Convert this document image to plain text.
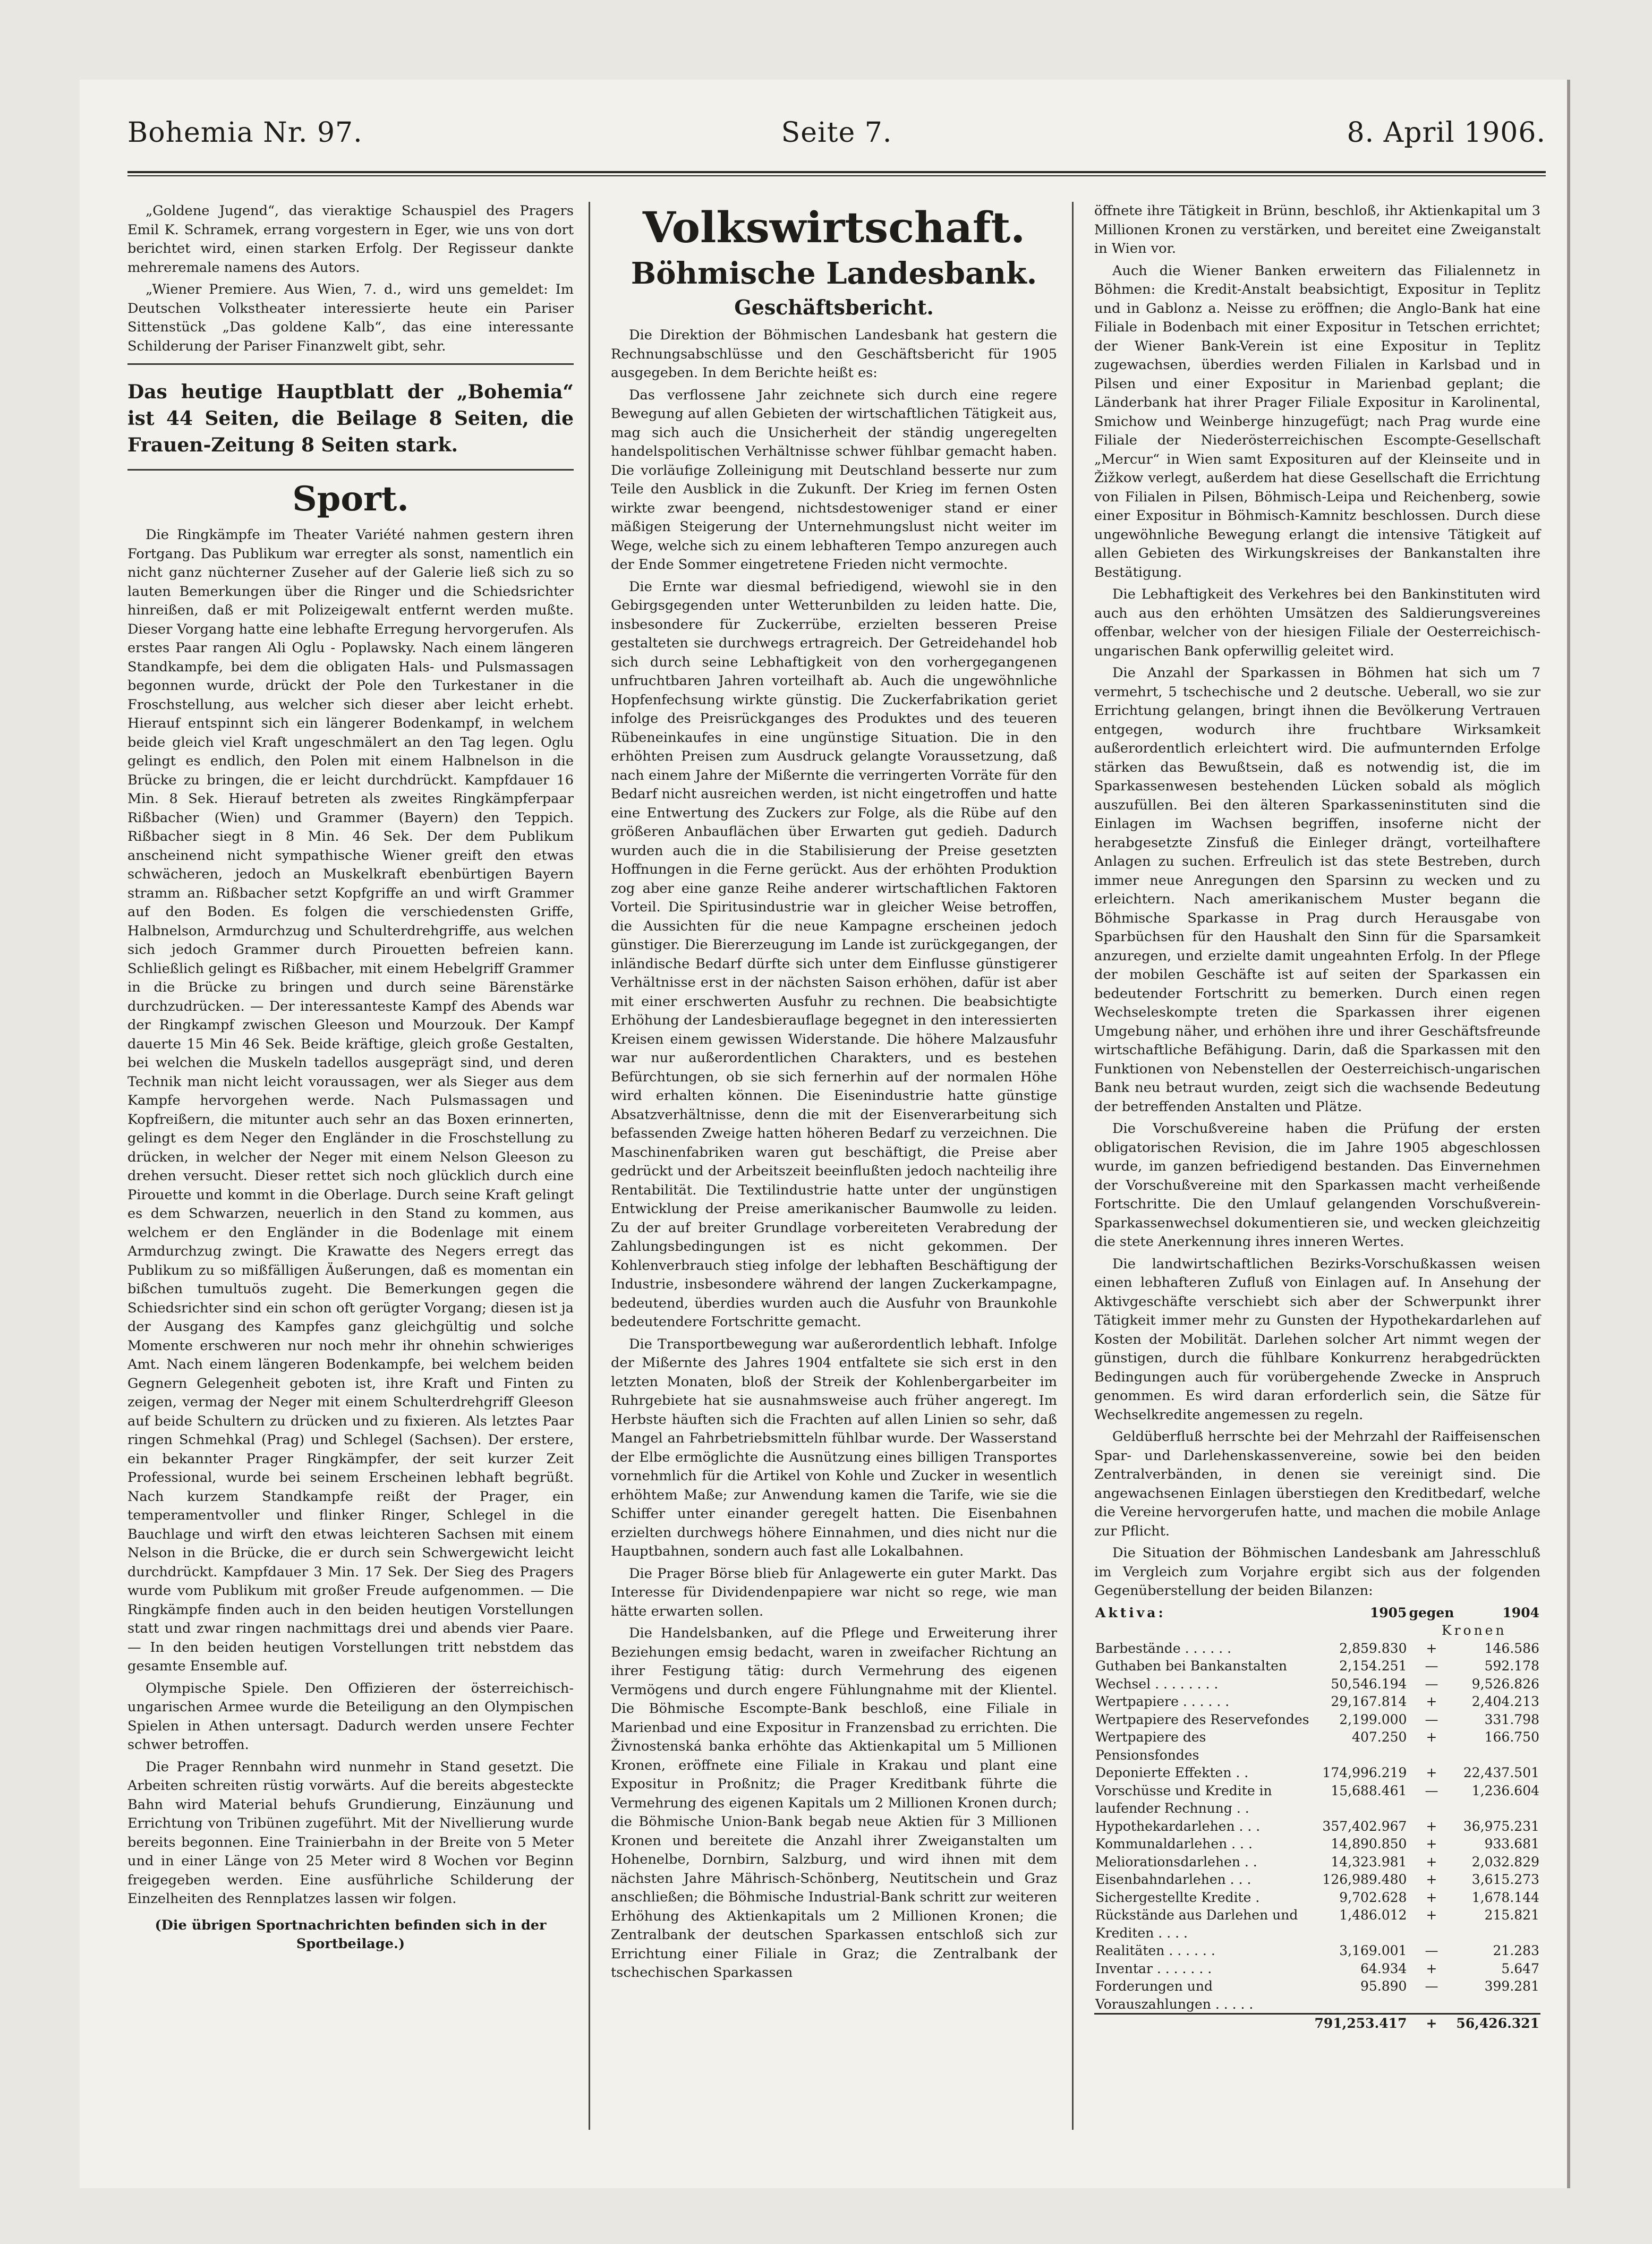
Bohemia Nr. 97.	Seite 7.	8. April 1906.

„Goldene Jugend“, das vieraktige Schauspiel des Pragers Emil K. Schramek, errang vorgestern in Eger, wie uns von dort berichtet wird, einen starken Erfolg. Der Regisseur dankte mehreremale namens des Autors.

„Wiener Premiere. Aus Wien, 7. d., wird uns gemeldet: Im Deutschen Volkstheater interessierte heute ein Pariser Sittenstück „Das goldene Kalb“, das eine interessante Schilderung der Pariser Finanzwelt gibt, sehr.

Das heutige Hauptblatt der „Bohemia“ ist 44 Seiten, die Beilage 8 Seiten, die Frauen-Zeitung 8 Seiten stark.
Sport.

Die Ringkämpfe im Theater Variété nahmen gestern ihren Fortgang. Das Publikum war erregter als sonst, namentlich ein nicht ganz nüchterner Zuseher auf der Galerie ließ sich zu so lauten Bemerkungen über die Ringer und die Schiedsrichter hinreißen, daß er mit Polizeigewalt entfernt werden mußte. Dieser Vorgang hatte eine lebhafte Erregung hervorgerufen. Als erstes Paar rangen Ali Oglu - Poplawsky. Nach einem längeren Standkampfe, bei dem die obligaten Hals- und Pulsmassagen begonnen wurde, drückt der Pole den Turkestaner in die Froschstellung, aus welcher sich dieser aber leicht erhebt. Hierauf entspinnt sich ein längerer Bodenkampf, in welchem beide gleich viel Kraft ungeschmälert an den Tag legen. Oglu gelingt es endlich, den Polen mit einem Halbnelson in die Brücke zu bringen, die er leicht durchdrückt. Kampfdauer 16 Min. 8 Sek. Hierauf betreten als zweites Ringkämpferpaar Rißbacher (Wien) und Grammer (Bayern) den Teppich. Rißbacher siegt in 8 Min. 46 Sek. Der dem Publikum anscheinend nicht sympathische Wiener greift den etwas schwächeren, jedoch an Muskelkraft ebenbürtigen Bayern stramm an. Rißbacher setzt Kopfgriffe an und wirft Grammer auf den Boden. Es folgen die verschiedensten Griffe, Halbnelson, Armdurchzug und Schulterdrehgriffe, aus welchen sich jedoch Grammer durch Pirouetten befreien kann. Schließlich gelingt es Rißbacher, mit einem Hebelgriff Grammer in die Brücke zu bringen und durch seine Bärenstärke durchzudrücken. — Der interessanteste Kampf des Abends war der Ringkampf zwischen Gleeson und Mourzouk. Der Kampf dauerte 15 Min 46 Sek. Beide kräftige, gleich große Gestalten, bei welchen die Muskeln tadellos ausgeprägt sind, und deren Technik man nicht leicht voraussagen, wer als Sieger aus dem Kampfe hervorgehen werde. Nach Pulsmassagen und Kopfreißern, die mitunter auch sehr an das Boxen erinnerten, gelingt es dem Neger den Engländer in die Froschstellung zu drücken, in welcher der Neger mit einem Nelson Gleeson zu drehen versucht. Dieser rettet sich noch glücklich durch eine Pirouette und kommt in die Oberlage. Durch seine Kraft gelingt es dem Schwarzen, neuerlich in den Stand zu kommen, aus welchem er den Engländer in die Bodenlage mit einem Armdurchzug zwingt. Die Krawatte des Negers erregt das Publikum zu so mißfälligen Äußerungen, daß es momentan ein bißchen tumultuös zugeht. Die Bemerkungen gegen die Schiedsrichter sind ein schon oft gerügter Vorgang; diesen ist ja der Ausgang des Kampfes ganz gleichgültig und solche Momente erschweren nur noch mehr ihr ohnehin schwieriges Amt. Nach einem längeren Bodenkampfe, bei welchem beiden Gegnern Gelegenheit geboten ist, ihre Kraft und Finten zu zeigen, vermag der Neger mit einem Schulterdrehgriff Gleeson auf beide Schultern zu drücken und zu fixieren. Als letztes Paar ringen Schmehkal (Prag) und Schlegel (Sachsen). Der erstere, ein bekannter Prager Ringkämpfer, der seit kurzer Zeit Professional, wurde bei seinem Erscheinen lebhaft begrüßt. Nach kurzem Standkampfe reißt der Prager, ein temperamentvoller und flinker Ringer, Schlegel in die Bauchlage und wirft den etwas leichteren Sachsen mit einem Nelson in die Brücke, die er durch sein Schwergewicht leicht durchdrückt. Kampfdauer 3 Min. 17 Sek. Der Sieg des Pragers wurde vom Publikum mit großer Freude aufgenommen. — Die Ringkämpfe finden auch in den beiden heutigen Vorstellungen statt und zwar ringen nachmittags drei und abends vier Paare. — In den beiden heutigen Vorstellungen tritt nebstdem das gesamte Ensemble auf.

Olympische Spiele. Den Offizieren der österreichisch-ungarischen Armee wurde die Beteiligung an den Olympischen Spielen in Athen untersagt. Dadurch werden unsere Fechter schwer betroffen.

Die Prager Rennbahn wird nunmehr in Stand gesetzt. Die Arbeiten schreiten rüstig vorwärts. Auf die bereits abgesteckte Bahn wird Material behufs Grundierung, Einzäunung und Errichtung von Tribünen zugeführt. Mit der Nivellierung wurde bereits begonnen. Eine Trainierbahn in der Breite von 5 Meter und in einer Länge von 25 Meter wird 8 Wochen vor Beginn freigegeben werden. Eine ausführliche Schilderung der Einzelheiten des Rennplatzes lassen wir folgen.

(Die übrigen Sportnachrichten befinden sich in der Sportbeilage.)

Volkswirtschaft.
Böhmische Landesbank.
Geschäftsbericht.

Die Direktion der Böhmischen Landesbank hat gestern die Rechnungsabschlüsse und den Geschäftsbericht für 1905 ausgegeben. In dem Berichte heißt es:

Das verflossene Jahr zeichnete sich durch eine regere Bewegung auf allen Gebieten der wirtschaftlichen Tätigkeit aus, mag sich auch die Unsicherheit der ständig ungeregelten handelspolitischen Verhältnisse schwer fühlbar gemacht haben. Die vorläufige Zolleinigung mit Deutschland besserte nur zum Teile den Ausblick in die Zukunft. Der Krieg im fernen Osten wirkte zwar beengend, nichtsdestoweniger stand er einer mäßigen Steigerung der Unternehmungslust nicht weiter im Wege, welche sich zu einem lebhafteren Tempo anzuregen auch der Ende Sommer eingetretene Frieden nicht vermochte.

Die Ernte war diesmal befriedigend, wiewohl sie in den Gebirgsgegenden unter Wetterunbilden zu leiden hatte. Die, insbesondere für Zuckerrübe, erzielten besseren Preise gestalteten sie durchwegs ertragreich. Der Getreidehandel hob sich durch seine Lebhaftigkeit von den vorhergegangenen unfruchtbaren Jahren vorteilhaft ab. Auch die ungewöhnliche Hopfenfechsung wirkte günstig. Die Zuckerfabrikation geriet infolge des Preisrückganges des Produktes und des teueren Rübeneinkaufes in eine ungünstige Situation. Die in den erhöhten Preisen zum Ausdruck gelangte Voraussetzung, daß nach einem Jahre der Mißernte die verringerten Vorräte für den Bedarf nicht ausreichen werden, ist nicht eingetroffen und hatte eine Entwertung des Zuckers zur Folge, als die Rübe auf den größeren Anbauflächen über Erwarten gut gedieh. Dadurch wurden auch die in die Stabilisierung der Preise gesetzten Hoffnungen in die Ferne gerückt. Aus der erhöhten Produktion zog aber eine ganze Reihe anderer wirtschaftlichen Faktoren Vorteil. Die Spiritusindustrie war in gleicher Weise betroffen, die Aussichten für die neue Kampagne erscheinen jedoch günstiger. Die Biererzeugung im Lande ist zurückgegangen, der inländische Bedarf dürfte sich unter dem Einflusse günstigerer Verhältnisse erst in der nächsten Saison erhöhen, dafür ist aber mit einer erschwerten Ausfuhr zu rechnen. Die beabsichtigte Erhöhung der Landesbierauflage begegnet in den interessierten Kreisen einem gewissen Widerstande. Die höhere Malzausfuhr war nur außerordentlichen Charakters, und es bestehen Befürchtungen, ob sie sich fernerhin auf der normalen Höhe wird erhalten können. Die Eisenindustrie hatte günstige Absatzverhältnisse, denn die mit der Eisenverarbeitung sich befassenden Zweige hatten höheren Bedarf zu verzeichnen. Die Maschinenfabriken waren gut beschäftigt, die Preise aber gedrückt und der Arbeitszeit beeinflußten jedoch nachteilig ihre Rentabilität. Die Textilindustrie hatte unter der ungünstigen Entwicklung der Preise amerikanischer Baumwolle zu leiden. Zu der auf breiter Grundlage vorbereiteten Verabredung der Zahlungsbedingungen ist es nicht gekommen. Der Kohlenverbrauch stieg infolge der lebhaften Beschäftigung der Industrie, insbesondere während der langen Zuckerkampagne, bedeutend, überdies wurden auch die Ausfuhr von Braunkohle bedeutendere Fortschritte gemacht.

Die Transportbewegung war außerordentlich lebhaft. Infolge der Mißernte des Jahres 1904 entfaltete sie sich erst in den letzten Monaten, bloß der Streik der Kohlenbergarbeiter im Ruhrgebiete hat sie ausnahmsweise auch früher angeregt. Im Herbste häuften sich die Frachten auf allen Linien so sehr, daß Mangel an Fahrbetriebsmitteln fühlbar wurde. Der Wasserstand der Elbe ermöglichte die Ausnützung eines billigen Transportes vornehmlich für die Artikel von Kohle und Zucker in wesentlich erhöhtem Maße; zur Anwendung kamen die Tarife, wie sie die Schiffer unter einander geregelt hatten. Die Eisenbahnen erzielten durchwegs höhere Einnahmen, und dies nicht nur die Hauptbahnen, sondern auch fast alle Lokalbahnen.

Die Prager Börse blieb für Anlagewerte ein guter Markt. Das Interesse für Dividendenpapiere war nicht so rege, wie man hätte erwarten sollen.

Die Handelsbanken, auf die Pflege und Erweiterung ihrer Beziehungen emsig bedacht, waren in zweifacher Richtung an ihrer Festigung tätig: durch Vermehrung des eigenen Vermögens und durch engere Fühlungnahme mit der Klientel. Die Böhmische Escompte-Bank beschloß, eine Filiale in Marienbad und eine Expositur in Franzensbad zu errichten. Die Živnostenská banka erhöhte das Aktienkapital um 5 Millionen Kronen, eröffnete eine Filiale in Krakau und plant eine Expositur in Proßnitz; die Prager Kreditbank führte die Vermehrung des eigenen Kapitals um 2 Millionen Kronen durch; die Böhmische Union-Bank begab neue Aktien für 3 Millionen Kronen und bereitete die Anzahl ihrer Zweiganstalten um Hohenelbe, Dornbirn, Salzburg, und wird ihnen mit dem nächsten Jahre Mährisch-Schönberg, Neutitschein und Graz anschließen; die Böhmische Industrial-Bank schritt zur weiteren Erhöhung des Aktienkapitals um 2 Millionen Kronen; die Zentralbank der deutschen Sparkassen entschloß sich zur Errichtung einer Filiale in Graz; die Zentralbank der tschechischen Sparkassen

öffnete ihre Tätigkeit in Brünn, beschloß, ihr Aktienkapital um 3 Millionen Kronen zu verstärken, und bereitet eine Zweiganstalt in Wien vor.

Auch die Wiener Banken erweitern das Filialennetz in Böhmen: die Kredit-Anstalt beabsichtigt, Expositur in Teplitz und in Gablonz a. Neisse zu eröffnen; die Anglo-Bank hat eine Filiale in Bodenbach mit einer Expositur in Tetschen errichtet; der Wiener Bank-Verein ist eine Expositur in Teplitz zugewachsen, überdies werden Filialen in Karlsbad und in Pilsen und einer Expositur in Marienbad geplant; die Länderbank hat ihrer Prager Filiale Expositur in Karolinental, Smichow und Weinberge hinzugefügt; nach Prag wurde eine Filiale der Niederösterreichischen Escompte-Gesellschaft „Mercur“ in Wien samt Exposituren auf der Kleinseite und in Žižkow verlegt, außerdem hat diese Gesellschaft die Errichtung von Filialen in Pilsen, Böhmisch-Leipa und Reichenberg, sowie einer Expositur in Böhmisch-Kamnitz beschlossen. Durch diese ungewöhnliche Bewegung erlangt die intensive Tätigkeit auf allen Gebieten des Wirkungskreises der Bankanstalten ihre Bestätigung.

Die Lebhaftigkeit des Verkehres bei den Bankinstituten wird auch aus den erhöhten Umsätzen des Saldierungsvereines offenbar, welcher von der hiesigen Filiale der Oesterreichisch-ungarischen Bank opferwillig geleitet wird.

Die Anzahl der Sparkassen in Böhmen hat sich um 7 vermehrt, 5 tschechische und 2 deutsche. Ueberall, wo sie zur Errichtung gelangen, bringt ihnen die Bevölkerung Vertrauen entgegen, wodurch ihre fruchtbare Wirksamkeit außerordentlich erleichtert wird. Die aufmunternden Erfolge stärken das Bewußtsein, daß es notwendig ist, die im Sparkassenwesen bestehenden Lücken sobald als möglich auszufüllen. Bei den älteren Sparkasseninstituten sind die Einlagen im Wachsen begriffen, insoferne nicht der herabgesetzte Zinsfuß die Einleger drängt, vorteilhaftere Anlagen zu suchen. Erfreulich ist das stete Bestreben, durch immer neue Anregungen den Sparsinn zu wecken und zu erleichtern. Nach amerikanischem Muster begann die Böhmische Sparkasse in Prag durch Herausgabe von Sparbüchsen für den Haushalt den Sinn für die Sparsamkeit anzuregen, und erzielte damit ungeahnten Erfolg. In der Pflege der mobilen Geschäfte ist auf seiten der Sparkassen ein bedeutender Fortschritt zu bemerken. Durch einen regen Wechseleskompte treten die Sparkassen ihrer eigenen Umgebung näher, und erhöhen ihre und ihrer Geschäftsfreunde wirtschaftliche Befähigung. Darin, daß die Sparkassen mit den Funktionen von Nebenstellen der Oesterreichisch-ungarischen Bank neu betraut wurden, zeigt sich die wachsende Bedeutung der betreffenden Anstalten und Plätze.

Die Vorschußvereine haben die Prüfung der ersten obligatorischen Revision, die im Jahre 1905 abgeschlossen wurde, im ganzen befriedigend bestanden. Das Einvernehmen der Vorschußvereine mit den Sparkassen macht verheißende Fortschritte. Die den Umlauf gelangenden Vorschußverein-Sparkassenwechsel dokumentieren sie, und wecken gleichzeitig die stete Anerkennung ihres inneren Wertes.

Die landwirtschaftlichen Bezirks-Vorschußkassen weisen einen lebhafteren Zufluß von Einlagen auf. In Ansehung der Aktivgeschäfte verschiebt sich aber der Schwerpunkt ihrer Tätigkeit immer mehr zu Gunsten der Hypothekardarlehen auf Kosten der Mobilität. Darlehen solcher Art nimmt wegen der günstigen, durch die fühlbare Konkurrenz herabgedrückten Bedingungen auch für vorübergehende Zwecke in Anspruch genommen. Es wird daran erforderlich sein, die Sätze für Wechselkredite angemessen zu regeln.

Geldüberfluß herrschte bei der Mehrzahl der Raiffeisenschen Spar- und Darlehenskassenvereine, sowie bei den beiden Zentralverbänden, in denen sie vereinigt sind. Die angewachsenen Einlagen überstiegen den Kreditbedarf, welche die Vereine hervorgerufen hatte, und machen die mobile Anlage zur Pflicht.

Die Situation der Böhmischen Landesbank am Jahresschluß im Vergleich zum Vorjahre ergibt sich aus der folgenden Gegenüberstellung der beiden Bilanzen:

Aktiva:	1905	gegen	1904
		Kronen	
Barbestände . . . . . .	2,859.830	+	146.586
Guthaben bei Bankanstalten	2,154.251	—	592.178
Wechsel . . . . . . . .	50,546.194	—	9,526.826
Wertpapiere . . . . . .	29,167.814	+	2,404.213
Wertpapiere des Reservefondes	2,199.000	—	331.798
Wertpapiere des Pensionsfondes	407.250	+	166.750
Deponierte Effekten . .	174,996.219	+	22,437.501
Vorschüsse und Kredite in laufender Rechnung . .	15,688.461	—	1,236.604
Hypothekardarlehen . . .	357,402.967	+	36,975.231
Kommunaldarlehen . . .	14,890.850	+	933.681
Meliorationsdarlehen . .	14,323.981	+	2,032.829
Eisenbahndarlehen . . .	126,989.480	+	3,615.273
Sichergestellte Kredite .	9,702.628	+	1,678.144
Rückstände aus Darlehen und Krediten . . . .	1,486.012	+	215.821
Realitäten . . . . . .	3,169.001	—	21.283
Inventar . . . . . . .	64.934	+	5.647
Forderungen und Vorauszahlungen . . . . .	95.890	—	399.281
	791,253.417	+	56,426.321
